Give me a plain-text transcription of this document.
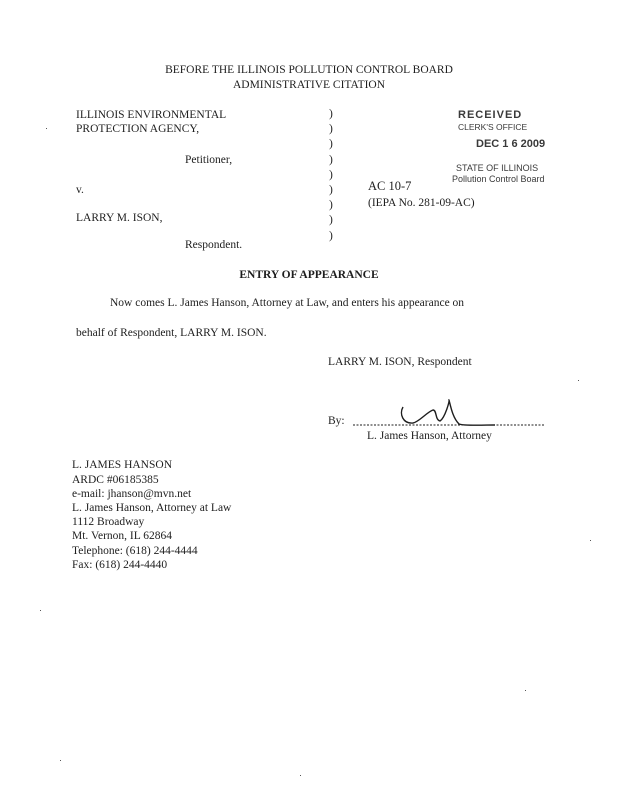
BEFORE THE ILLINOIS POLLUTION CONTROL BOARD
ADMINISTRATIVE CITATION
ILLINOIS ENVIRONMENTAL
PROTECTION AGENCY,
Petitioner,
v.
LARRY M. ISON,
Respondent.
)
)
)
)
)
)
)
)
)
AC 10-7
(IEPA No. 281-09-AC)
RECEIVED
CLERK'S OFFICE
DEC 1 6 2009
STATE OF ILLINOIS
Pollution Control Board
ENTRY OF APPEARANCE
Now comes L. James Hanson, Attorney at Law, and enters his appearance on
behalf of Respondent, LARRY M. ISON.
LARRY M. ISON, Respondent
By:
L. James Hanson, Attorney
L. JAMES HANSON
ARDC #06185385
e-mail: jhanson@mvn.net
L. James Hanson, Attorney at Law
1112 Broadway
Mt. Vernon, IL 62864
Telephone: (618) 244-4444
Fax: (618) 244-4440
